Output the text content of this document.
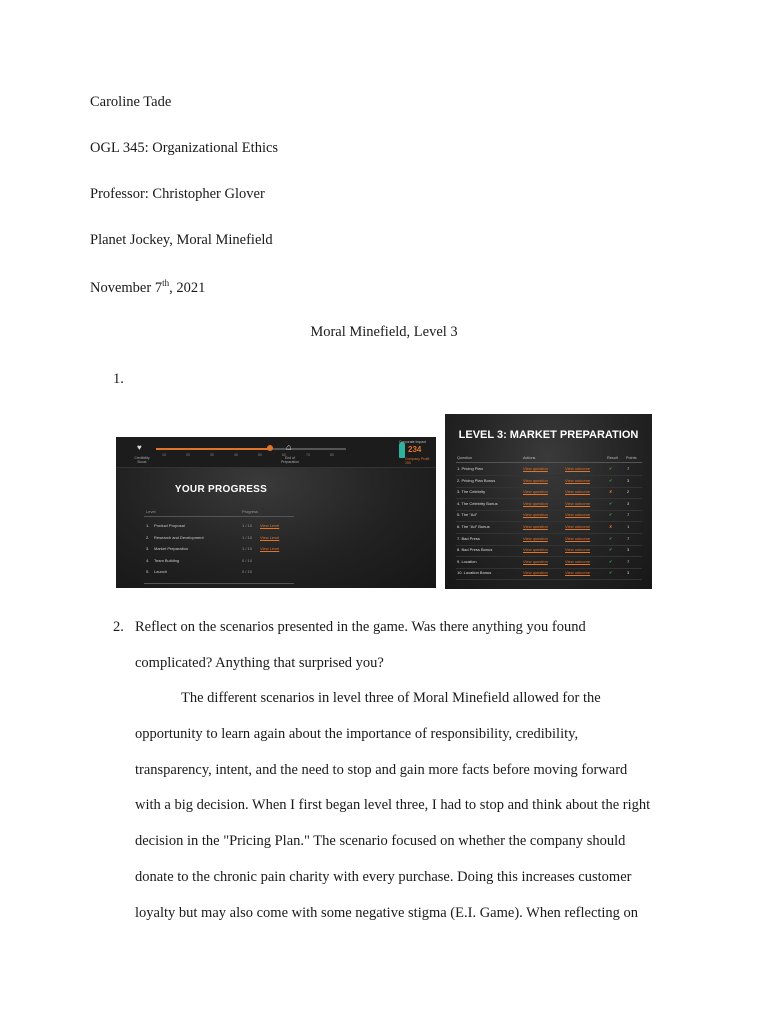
Caroline Tade
OGL 345: Organizational Ethics
Professor: Christopher Glover
Planet Jockey, Moral Minefield
November 7th, 2021
Moral Minefield, Level 3
1.
♥
Credibility Boost
10	20	30	40	50	60	70	80
⌂
End of Preparation
Corporate Impact
234
Company Profit: 150
YOUR PROGRESS
Level	Progress
1. Product Proposal	1 / 10 View Level
2. Research and Development	1 / 10 View Level
3. Market Preparation	1 / 10 View Level
4. Team Building	0 / 10
5. Launch	0 / 10
LEVEL 3: MARKET PREPARATION
Question	Actions	Result Points
1. Pricing Plan	View question	View outcome	✔	7
2. Pricing Plan Bonus	View question	View outcome	✔	3
3. The Celebrity	View question	View outcome	✘	2
4. The Celebrity Bonus	View question	View outcome	✔	3
5. The "Ad"	View question	View outcome	✔	7
6. The "Ad" Bonus	View question	View outcome	✘	1
7. Bad Press	View question	View outcome	✔	7
8. Bad Press Bonus	View question	View outcome	✔	3
9. Location	View question	View outcome	✔	7
10. Location Bonus	View question	View outcome	✔	3
2. Reflect on the scenarios presented in the game. Was there anything you found
complicated? Anything that surprised you?
The different scenarios in level three of Moral Minefield allowed for the
opportunity to learn again about the importance of responsibility, credibility,
transparency, intent, and the need to stop and gain more facts before moving forward
with a big decision. When I first began level three, I had to stop and think about the right
decision in the "Pricing Plan." The scenario focused on whether the company should
donate to the chronic pain charity with every purchase. Doing this increases customer
loyalty but may also come with some negative stigma (E.I. Game). When reflecting on
